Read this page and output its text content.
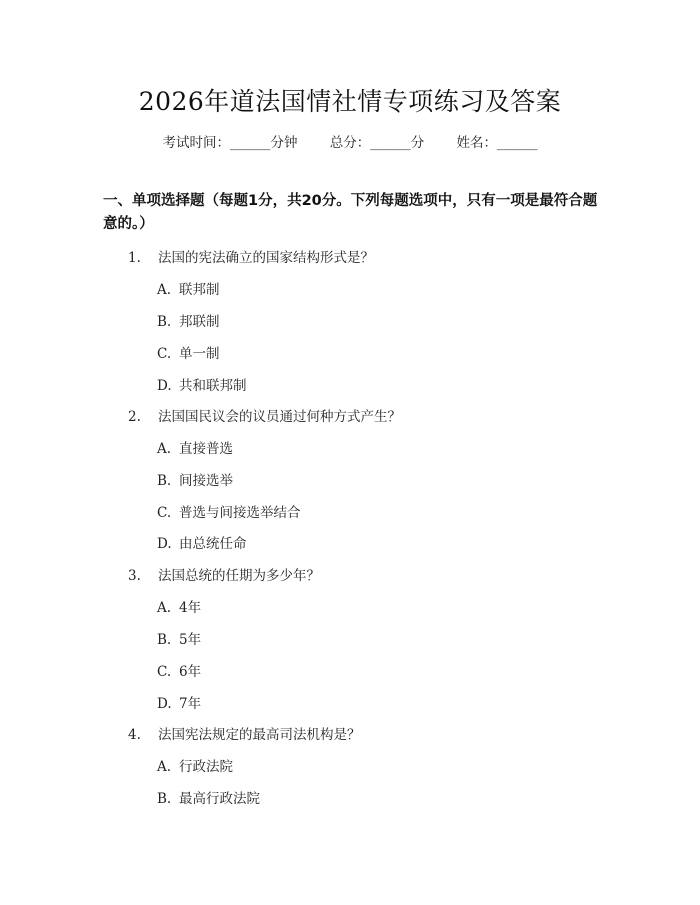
2026年道法国情社情专项练习及答案
考试时间：______分钟 总分：______分 姓名：______
一、单项选择题（每题1分，共20分。下列每题选项中，只有一项是最符合题意的。）
1. 法国的宪法确立的国家结构形式是？
A. 联邦制
B. 邦联制
C. 单一制
D. 共和联邦制
2. 法国国民议会的议员通过何种方式产生？
A. 直接普选
B. 间接选举
C. 普选与间接选举结合
D. 由总统任命
3. 法国总统的任期为多少年？
A. 4年
B. 5年
C. 6年
D. 7年
4. 法国宪法规定的最高司法机构是？
A. 行政法院
B. 最高行政法院
